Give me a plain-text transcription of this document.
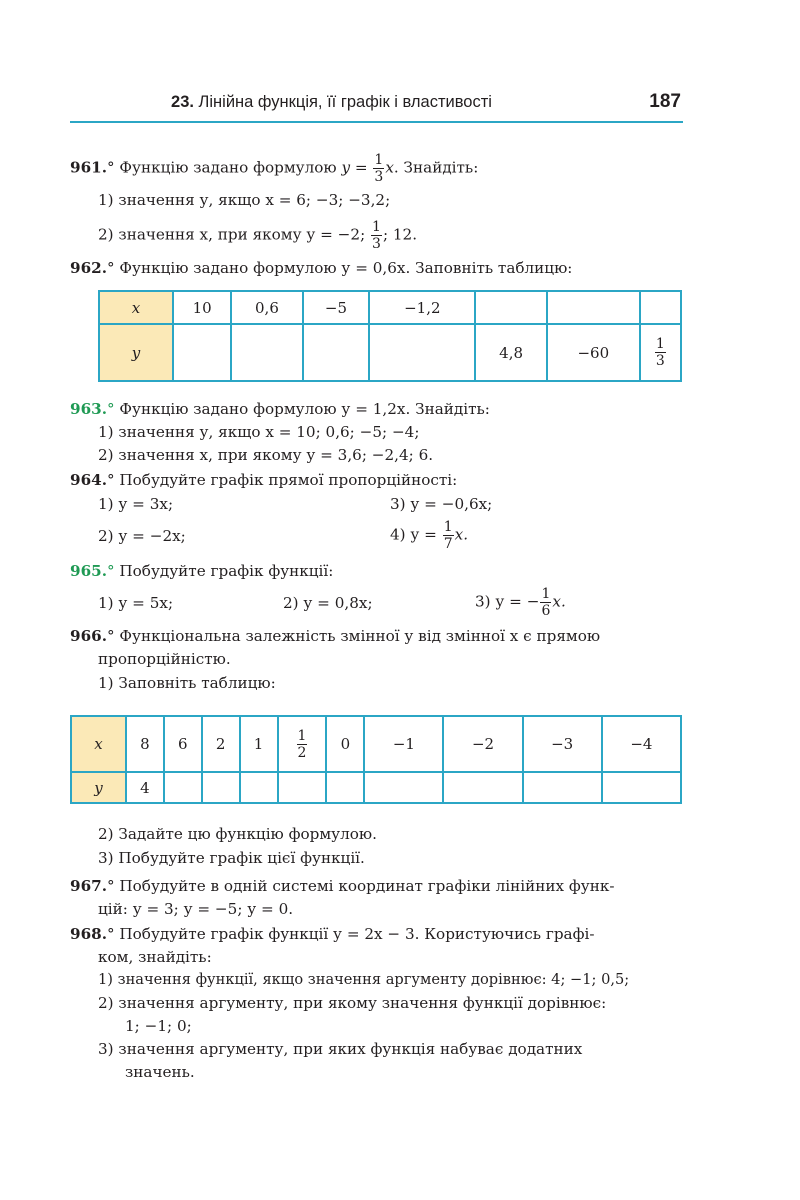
23. Лінійна функція, її графік і властивості	187
961.° Функцію задано формулою $y = \frac{1}{3} x$. Знайдіть:
1) значення у, якщо х = 6; −3; −3,2;
2) значення х, при якому у = −2; $\frac{1}{3}$ ; 12.
962.° Функцію задано формулою у = 0,6х. Заповніть таблицю:
x	10	0,6	−5	−1,2			
y					4,8	−60	$\frac{1}{3}$
963.° Функцію задано формулою у = 1,2х. Знайдіть:
1) значення у, якщо х = 10; 0,6; −5; −4;
2) значення х, при якому у = 3,6; −2,4; 6.
964.° Побудуйте графік прямої пропорційності:
1) у = 3х;	3) у = −0,6х;
2) у = −2х;	4) $у = \frac{1}{7} x$.
965.° Побудуйте графік функції:
1) у = 5х;	2) у = 0,8х;	3) у = − $\frac{1}{6} x$.
966.° Функціональна залежність змінної у від змінної х є прямою
пропорційністю.
1) Заповніть таблицю:
x	8	6	2	1	$\frac{1}{2}$	0	−1	−2	−3	−4
y	4									
2) Задайте цю функцію формулою.
3) Побудуйте графік цієї функції.
967.° Побудуйте в одній системі координат графіки лінійних функ-
цій: у = 3; у = −5; у = 0.
968.° Побудуйте графік функції у = 2х − 3. Користуючись графі-
ком, знайдіть:
1) значення функції, якщо значення аргументу дорівнює: 4; −1; 0,5;
2) значення аргументу, при якому значення функції дорівнює:
1; −1; 0;
3) значення аргументу, при яких функція набуває додатних
значень.
